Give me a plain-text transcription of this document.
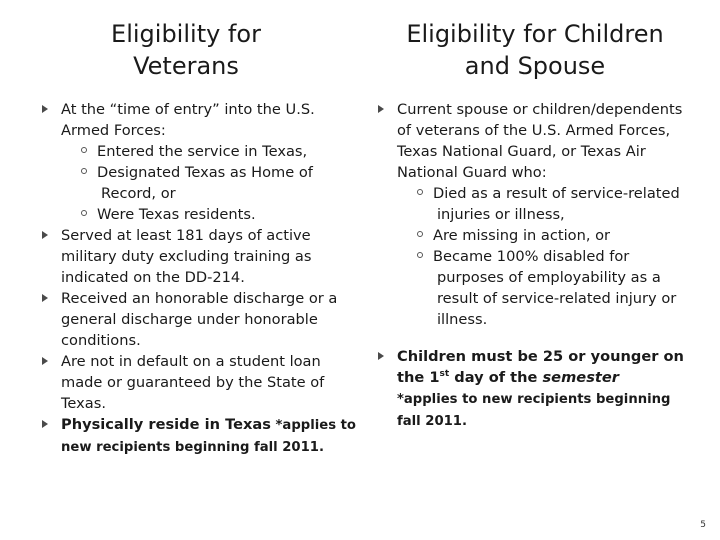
Eligibility for Veterans
Eligibility for Children and Spouse
At the “time of entry” into the U.S. Armed Forces:
Entered the service in Texas,
Designated Texas as Home of Record, or
Were Texas residents.
Served at least 181 days of active military duty excluding training as indicated on the DD-214.
Received an honorable discharge or a general discharge under honorable conditions.
Are not in default on a student loan made or guaranteed by the State of Texas.
Physically reside in Texas *applies to new recipients beginning fall 2011.
Current spouse or children/dependents of veterans of the U.S. Armed Forces, Texas National Guard, or Texas Air National Guard who:
Died as a result of service-related injuries or illness,
Are missing in action, or
Became 100% disabled for purposes of employability as a result of service-related injury or illness.
Children must be 25 or younger on the 1st day of the semester
*applies to new recipients beginning fall 2011.
5
